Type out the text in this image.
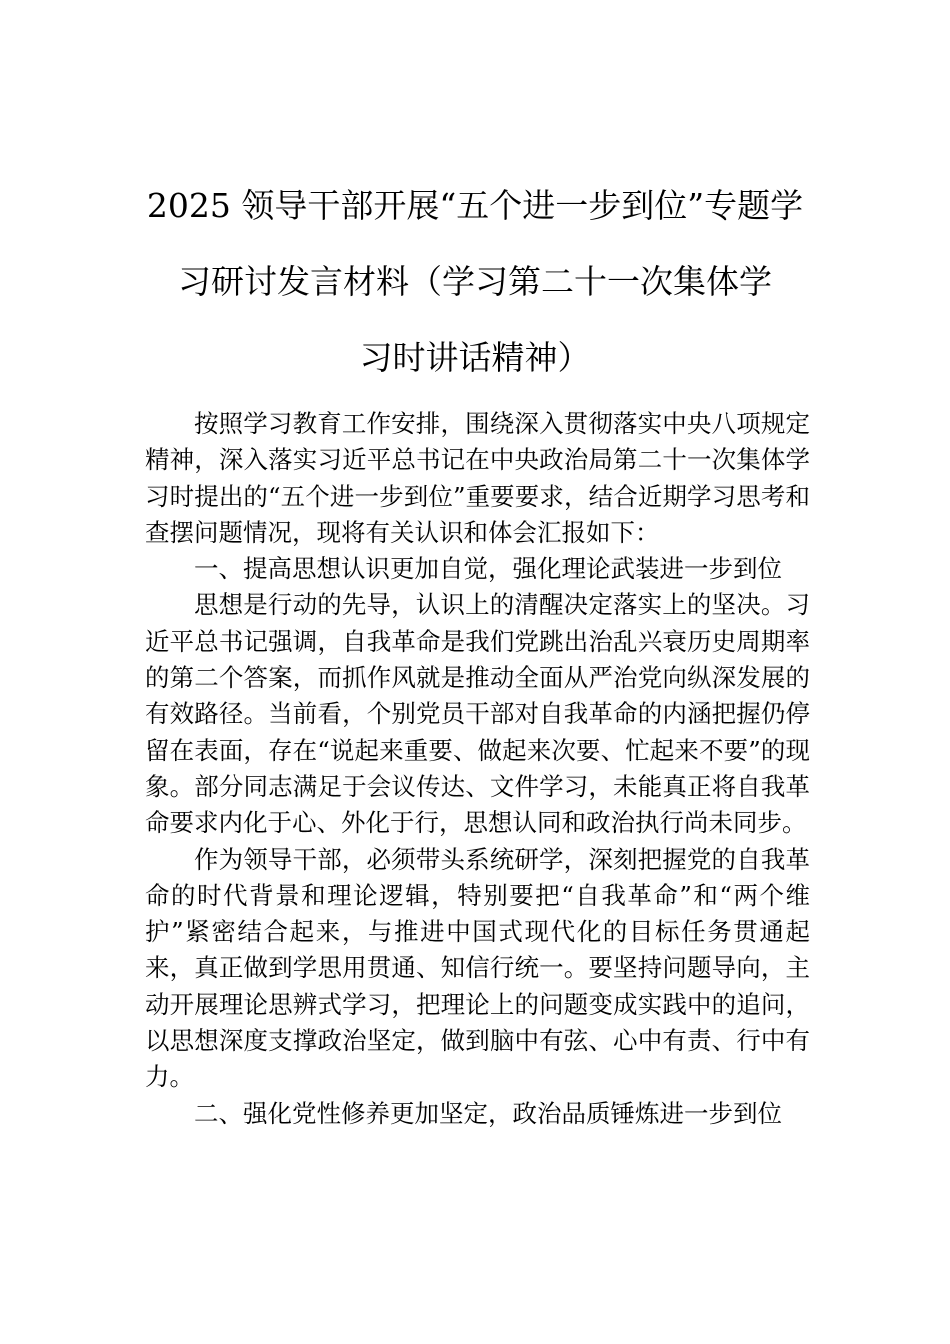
2025 领导干部开展“五个进一步到位”专题学
习研讨发言材料（学习第二十一次集体学
习时讲话精神）

按照学习教育工作安排，围绕深入贯彻落实中央八项规定精神，深入落实习近平总书记在中央政治局第二十一次集体学习时提出的“五个进一步到位”重要要求，结合近期学习思考和查摆问题情况，现将有关认识和体会汇报如下：

一、提高思想认识更加自觉，强化理论武装进一步到位

思想是行动的先导，认识上的清醒决定落实上的坚决。习近平总书记强调，自我革命是我们党跳出治乱兴衰历史周期率的第二个答案，而抓作风就是推动全面从严治党向纵深发展的有效路径。当前看，个别党员干部对自我革命的内涵把握仍停留在表面，存在“说起来重要、做起来次要、忙起来不要”的现象。部分同志满足于会议传达、文件学习，未能真正将自我革命要求内化于心、外化于行，思想认同和政治执行尚未同步。

作为领导干部，必须带头系统研学，深刻把握党的自我革命的时代背景和理论逻辑，特别要把“自我革命”和“两个维护”紧密结合起来，与推进中国式现代化的目标任务贯通起来，真正做到学思用贯通、知信行统一。要坚持问题导向，主动开展理论思辨式学习，把理论上的问题变成实践中的追问，以思想深度支撑政治坚定，做到脑中有弦、心中有责、行中有力。

二、强化党性修养更加坚定，政治品质锤炼进一步到位
